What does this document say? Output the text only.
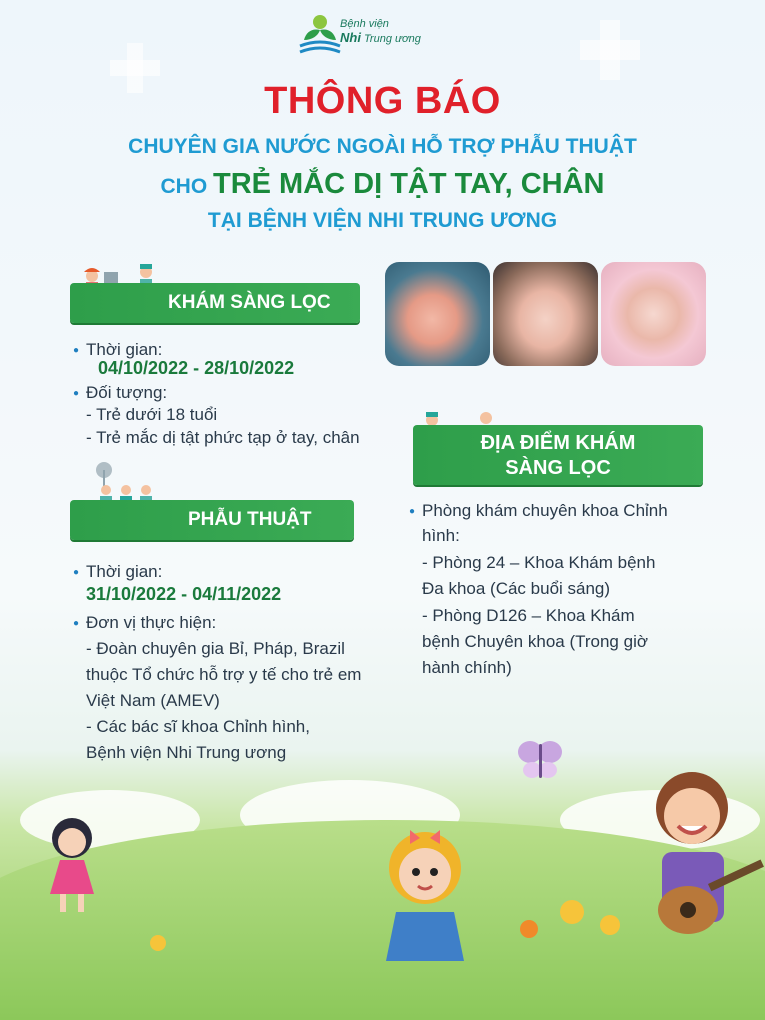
Bệnh viện
Nhi Trung ương
THÔNG BÁO
CHUYÊN GIA NƯỚC NGOÀI HỖ TRỢ PHẪU THUẬT
CHO TRẺ MẮC DỊ TẬT TAY, CHÂN
TẠI BỆNH VIỆN NHI TRUNG ƯƠNG
KHÁM SÀNG LỌC
● Thời gian:
04/10/2022 - 28/10/2022
● Đối tượng:
- Trẻ dưới 18 tuổi
- Trẻ mắc dị tật phức tạp ở tay, chân	ĐỊA ĐIỂM KHÁM
SÀNG LỌC
● Phòng khám chuyên khoa Chỉnh
hình:
- Phòng 24 – Khoa Khám bệnh
Đa khoa (Các buổi sáng)
- Phòng D126 – Khoa Khám
bệnh Chuyên khoa (Trong giờ
hành chính)
PHẪU THUẬT
● Thời gian:
31/10/2022 - 04/11/2022
● Đơn vị thực hiện:
- Đoàn chuyên gia Bỉ, Pháp, Brazil
thuộc Tổ chức hỗ trợ y tế cho trẻ em
Việt Nam (AMEV)
- Các bác sĩ khoa Chỉnh hình,
Bệnh viện Nhi Trung ương
